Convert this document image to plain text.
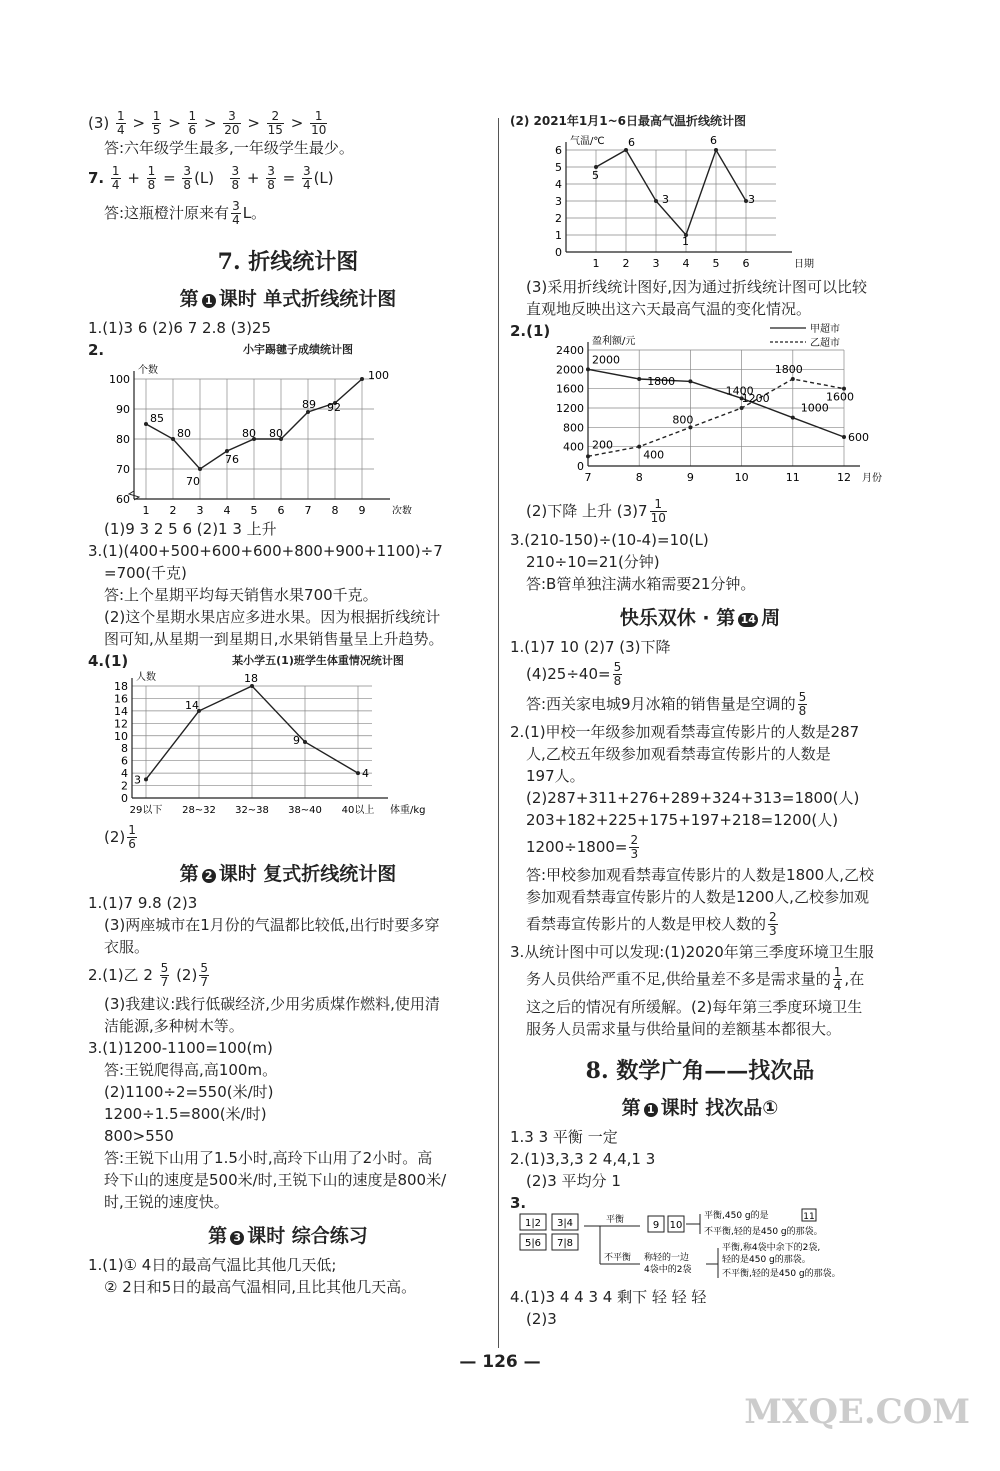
$(3) \frac{1}{4} > \frac{1}{5} > \frac{1}{6} > \frac{3}{20} > \frac{2}{15} > \frac{1}{10}$

答:六年级学生最多,一年级学生最少。

7. $\frac{1}{4} + \frac{1}{8} = \frac{3}{8} (L) \frac{3}{8} + \frac{3}{8} = \frac{3}{4} (L)$

答:这瓶橙汁原来有 $\frac{3}{4}$ L。

7. 折线统计图
第 1 课时 单式折线统计图

1.(1)3 6 (2)6 7 2.8 (3)25

2.	小宇踢毽子成绩统计图
60
70
80
90
100
个数
1 2 3 4 5 6 7 8 9	次数
85
80
70
76
80 80
89 92
100

(1)9 3 2 5 6 (2)1 3 上升

3.(1)(400+500+600+600+800+900+1100)÷7

=700(千克)

答:上个星期平均每天销售水果700千克。

(2)这个星期水果店应多进水果。因为根据折线统计

图可知,从星期一到星期日,水果销售量呈上升趋势。

4.(1)	某小学五(1)班学生体重情况统计图
0
2
4
6
8
10
12
14
16
18
人数
29以下 28~32 32~38 38~40 40以上 体重/kg
3
14
18
9
4

$(2) \frac{1}{6}$

第 2 课时 复式折线统计图

1.(1)7 9.8 (2)3

(3)两座城市在1月份的气温都比较低,出行时要多穿

衣服。

2.(1)乙 $2 \frac{5}{7} (2) \frac{5}{7}$

(3)我建议:践行低碳经济,少用劣质煤作燃料,使用清

洁能源,多种树木等。

3.(1)1200-1100=100(m)

答:王锐爬得高,高100m。

(2)1100÷2=550(米/时)

1200÷1.5=800(米/时)

800>550

答:王锐下山用了1.5小时,高玲下山用了2小时。高

玲下山的速度是500米/时,王锐下山的速度是800米/

时,王锐的速度快。

第 3 课时 综合练习

1.(1)① 4日的最高气温比其他几天低;

② 2日和5日的最高气温相同,且比其他几天高。

(2) 2021年1月1~6日最高气温折线统计图

0
1
2
3
4
5
6
气温/℃
1 2 3 4 5 6	日期
5
6
3
1
6
3

(3)采用折线统计图好,因为通过折线统计图可以比较

直观地反映出这六天最高气温的变化情况。

2.(1)

0
400
800
1200
1600
2000
2400
盈利额/元
7	8	9	10	11	12 月份
2000
1800
1400
1000
600
200
400
800
1200
1800
1600
甲超市
乙超市

(2)下降 上升 $(3)7 \frac{1}{10}$

3.(210-150)÷(10-4)=10(L)

210÷10=21(分钟)

答:B管单独注满水箱需要21分钟。

快乐双休 · 第 14 周

1.(1)7 10 (2)7 (3)下降

$(4)25\div 40= \frac{5}{8}$

答:西关家电城9月冰箱的销售量是空调的 $\frac{5}{8}$

2.(1)甲校一年级参加观看禁毒宣传影片的人数是287

人,乙校五年级参加观看禁毒宣传影片的人数是

197人。

(2)287+311+276+289+324+313=1800(人)

203+182+225+175+197+218=1200(人)

$1200\div 1800= \frac{2}{3}$

答:甲校参加观看禁毒宣传影片的人数是1800人,乙校

参加观看禁毒宣传影片的人数是1200人,乙校参加观

看禁毒宣传影片的人数是甲校人数的 $\frac{2}{3}$

3.从统计图中可以发现:(1)2020年第三季度环境卫生服

务人员供给严重不足,供给量差不多是需求量的 $\frac{1}{4}$ ,在

这之后的情况有所缓解。(2)每年第三季度环境卫生

服务人员需求量与供给量间的差额基本都很大。

8. 数学广角——找次品
第 1 课时 找次品①

1.3 3 平衡 一定

2.(1)3,3,3 2 4,4,1 3

(2)3 平均分 1

3.

1|2 3|4
5|6 7|8
平衡
不平衡
9 10
平衡,450 g的是	11
不平衡,轻的是450 g的那袋。
称轻的一边
4袋中的2袋
平衡,称4袋中余下的2袋,
轻的是450 g的那袋。
不平衡,轻的是450 g的那袋。

4.(1)3 4 4 3 4 剩下 轻 轻 轻

(2)3

— 126 —
MXQE.COM
